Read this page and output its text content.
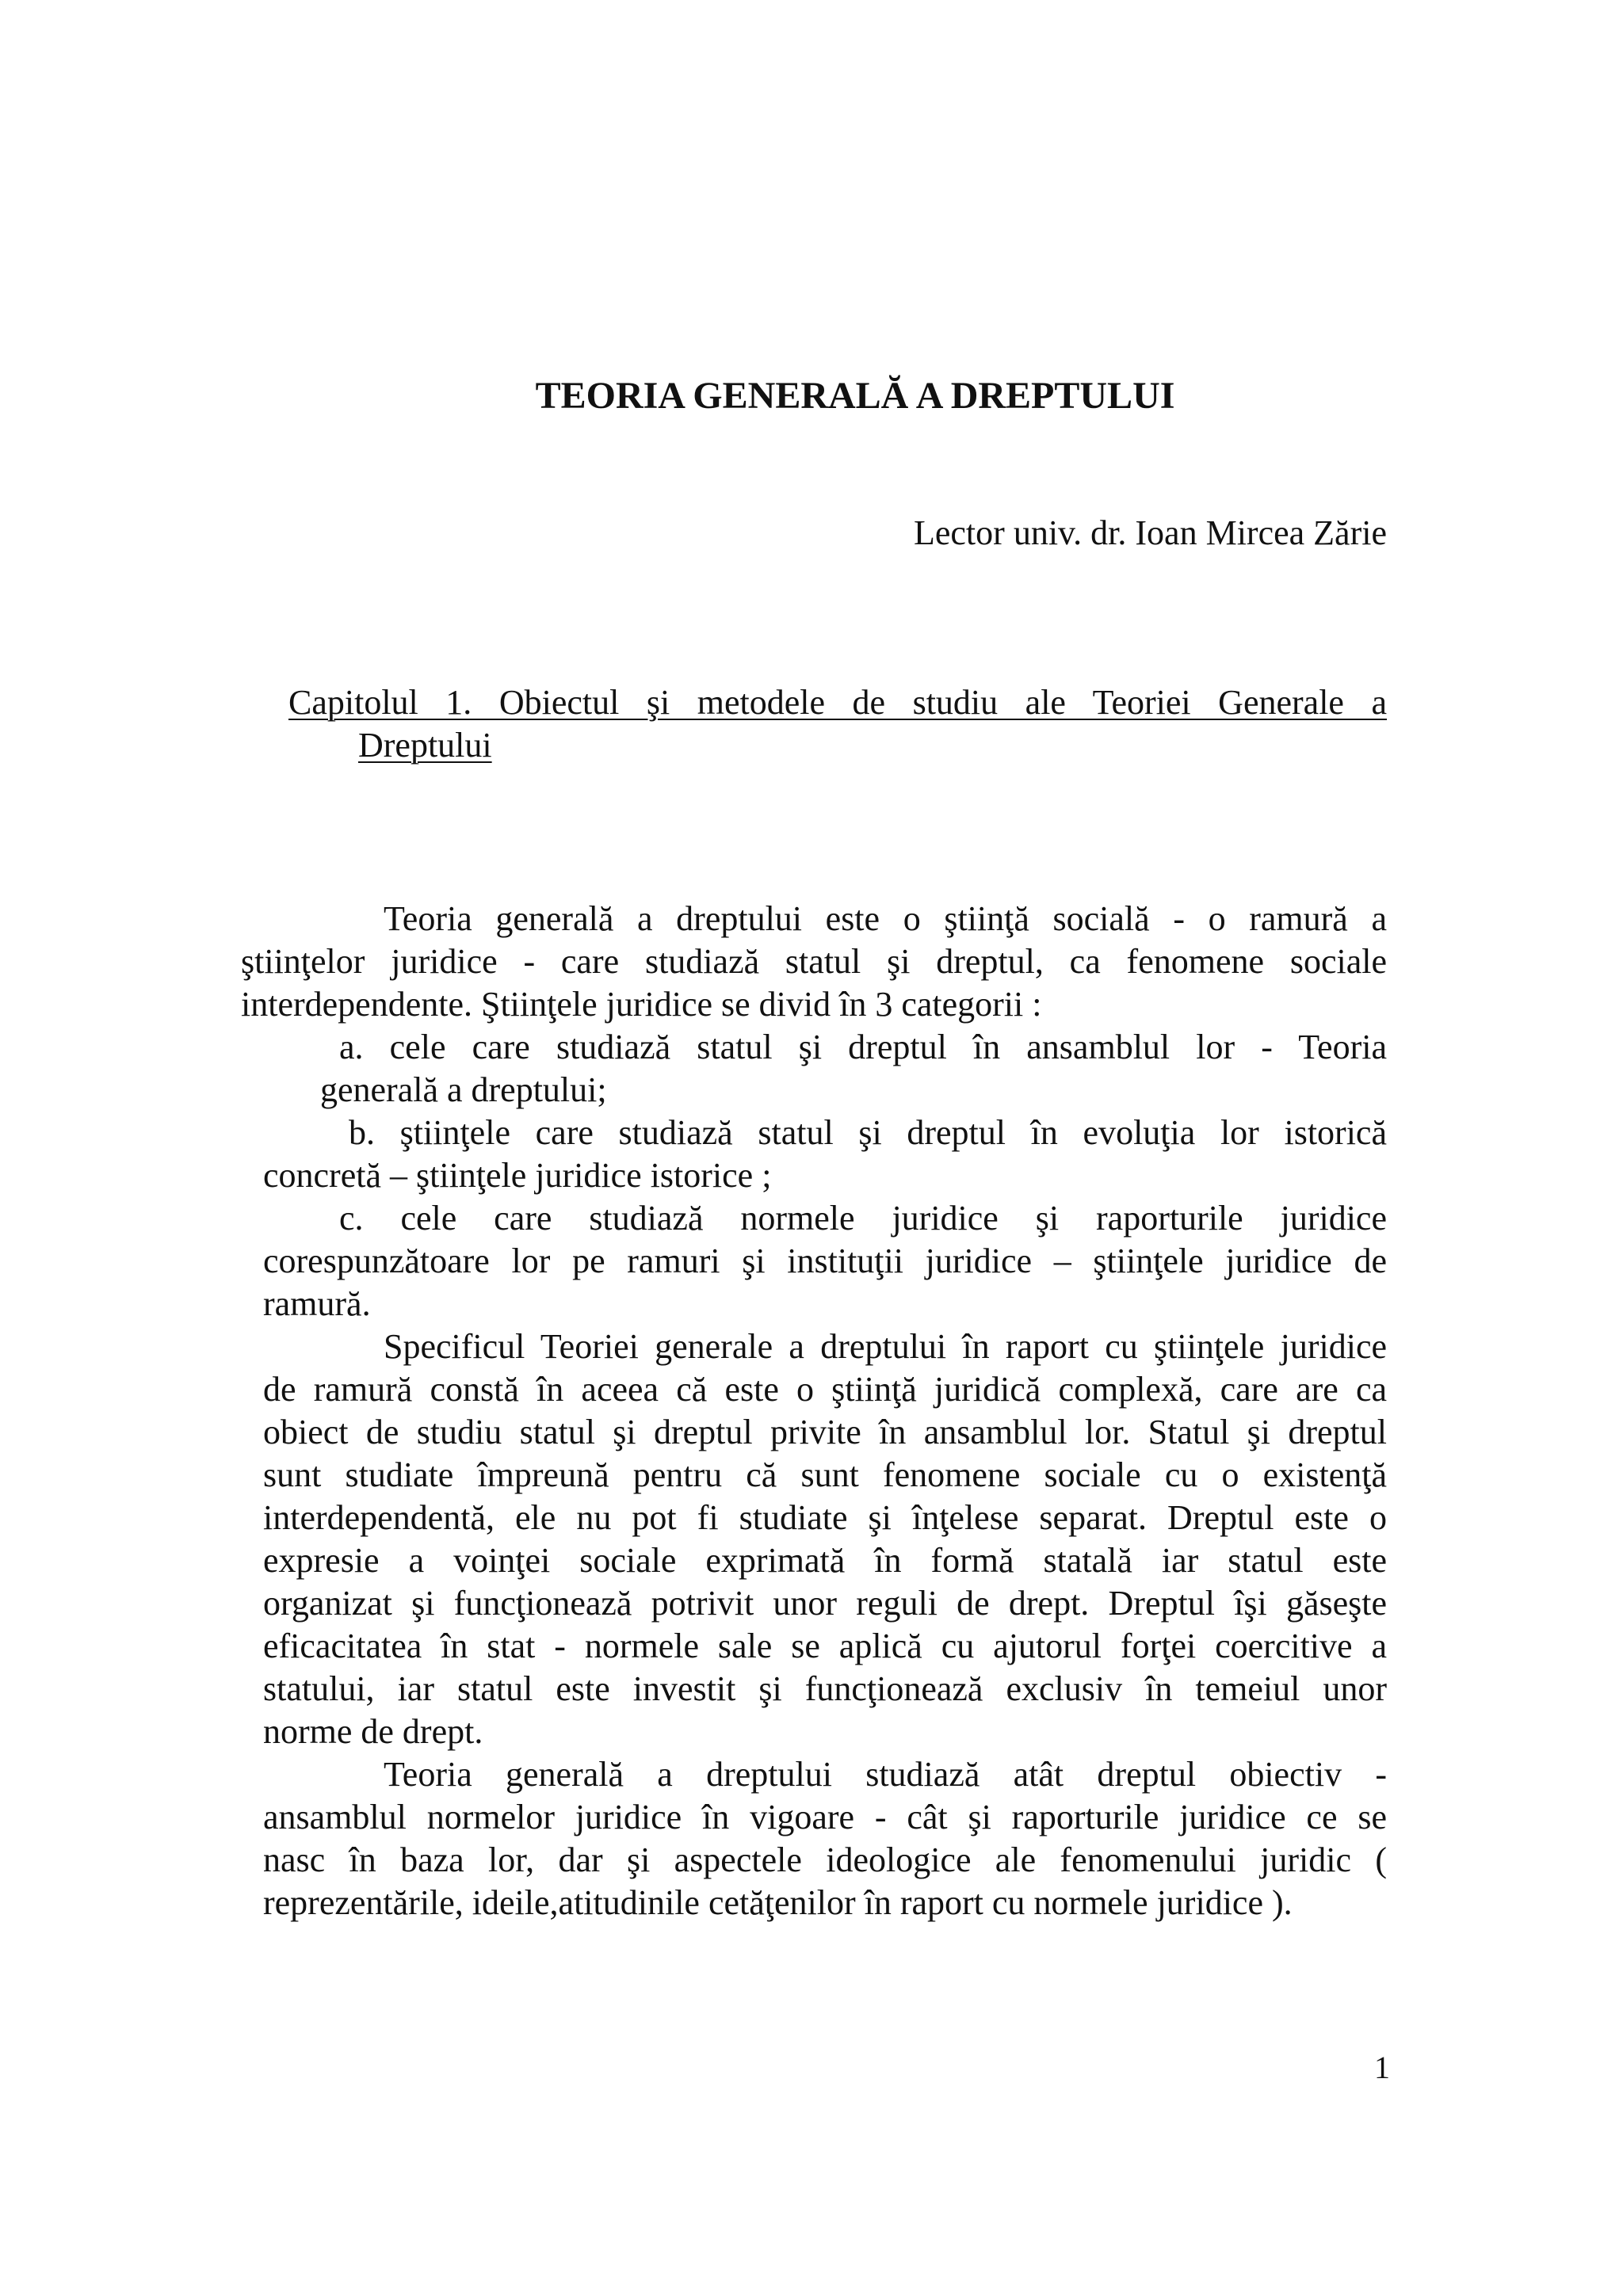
TEORIA GENERALĂ A DREPTULUI
Lector univ. dr. Ioan Mircea Zărie
Capitolul 1. Obiectul şi metodele de studiu ale Teoriei Generale a
Dreptului
Teoria generală a dreptului este o ştiinţă socială - o ramură a
ştiinţelor juridice - care studiază statul şi dreptul, ca fenomene sociale
interdependente. Ştiinţele juridice se divid în 3 categorii :
a. cele care studiază statul şi dreptul în ansamblul lor - Teoria
generală a dreptului;
b. ştiinţele care studiază statul şi dreptul în evoluţia lor istorică
concretă – ştiinţele juridice istorice ;
c. cele care studiază normele juridice şi raporturile juridice
corespunzătoare lor pe ramuri şi instituţii juridice – ştiinţele juridice de
ramură.
Specificul Teoriei generale a dreptului în raport cu ştiinţele juridice
de ramură constă în aceea că este o ştiinţă juridică complexă, care are ca
obiect de studiu statul şi dreptul privite în ansamblul lor. Statul şi dreptul
sunt studiate împreună pentru că sunt fenomene sociale cu o existenţă
interdependentă, ele nu pot fi studiate şi înţelese separat. Dreptul este o
expresie a voinţei sociale exprimată în formă statală iar statul este
organizat şi funcţionează potrivit unor reguli de drept. Dreptul îşi găseşte
eficacitatea în stat - normele sale se aplică cu ajutorul forţei coercitive a
statului, iar statul este investit şi funcţionează exclusiv în temeiul unor
norme de drept.
Teoria generală a dreptului studiază atât dreptul obiectiv -
ansamblul normelor juridice în vigoare - cât şi raporturile juridice ce se
nasc în baza lor, dar şi aspectele ideologice ale fenomenului juridic (
reprezentările, ideile,atitudinile cetăţenilor în raport cu normele juridice ).
1
